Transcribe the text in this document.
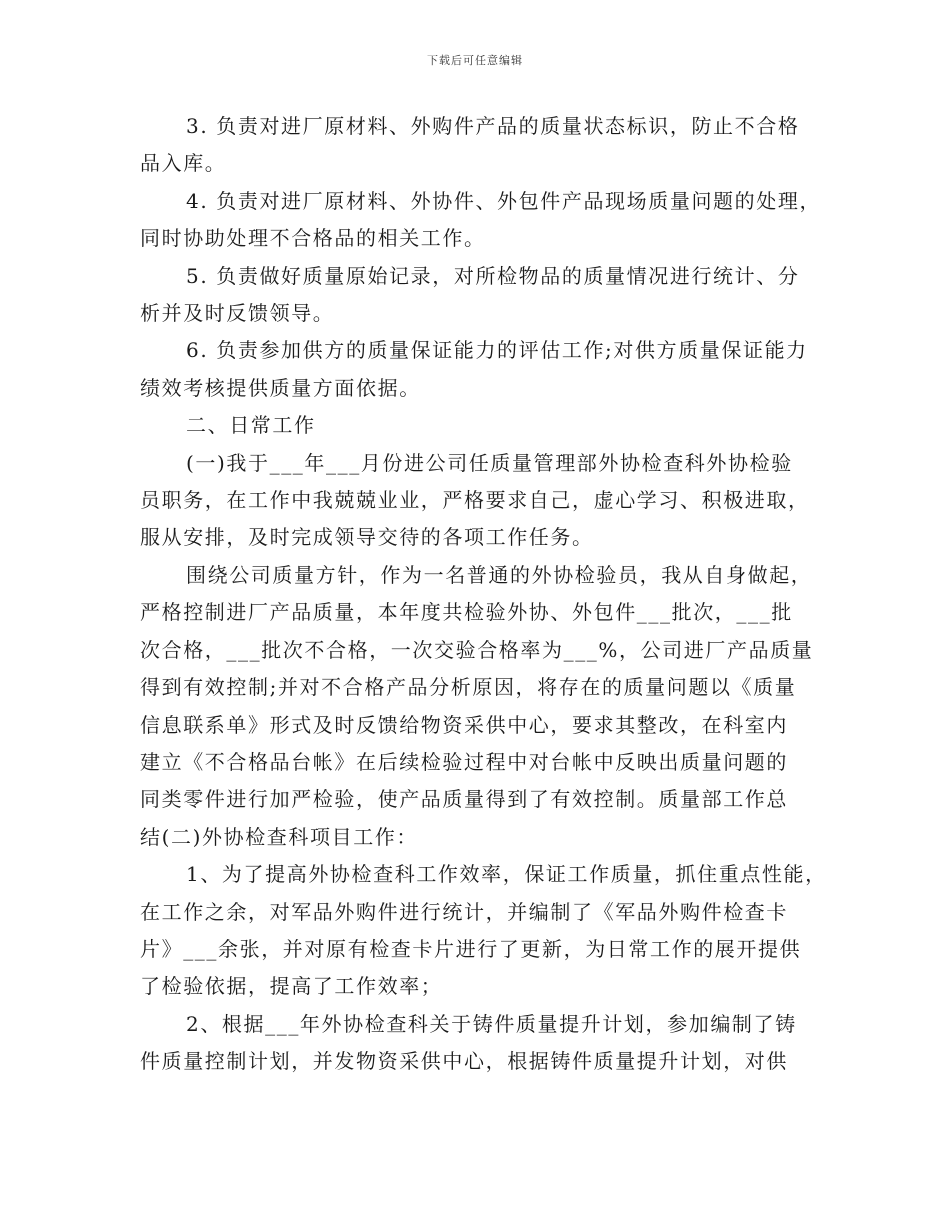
下载后可任意编辑
3. 负责对进厂原材料、外购件产品的质量状态标识，防止不合格
品入库。
4. 负责对进厂原材料、外协件、外包件产品现场质量问题的处理，
同时协助处理不合格品的相关工作。
5. 负责做好质量原始记录，对所检物品的质量情况进行统计、分
析并及时反馈领导。
6. 负责参加供方的质量保证能力的评估工作;对供方质量保证能力
绩效考核提供质量方面依据。
二、日常工作
(一)我于___年___月份进公司任质量管理部外协检查科外协检验
员职务，在工作中我兢兢业业，严格要求自己，虚心学习、积极进取，
服从安排，及时完成领导交待的各项工作任务。
围绕公司质量方针，作为一名普通的外协检验员，我从自身做起，
严格控制进厂产品质量，本年度共检验外协、外包件___批次，___批
次合格，___批次不合格，一次交验合格率为___%，公司进厂产品质量
得到有效控制;并对不合格产品分析原因，将存在的质量问题以《质量
信息联系单》形式及时反馈给物资采供中心，要求其整改，在科室内
建立《不合格品台帐》在后续检验过程中对台帐中反映出质量问题的
同类零件进行加严检验，使产品质量得到了有效控制。质量部工作总
结(二)外协检查科项目工作：
1、为了提高外协检查科工作效率，保证工作质量，抓住重点性能，
在工作之余，对军品外购件进行统计，并编制了《军品外购件检查卡
片》___余张，并对原有检查卡片进行了更新，为日常工作的展开提供
了检验依据，提高了工作效率；
2、根据___年外协检查科关于铸件质量提升计划，参加编制了铸
件质量控制计划，并发物资采供中心，根据铸件质量提升计划，对供
